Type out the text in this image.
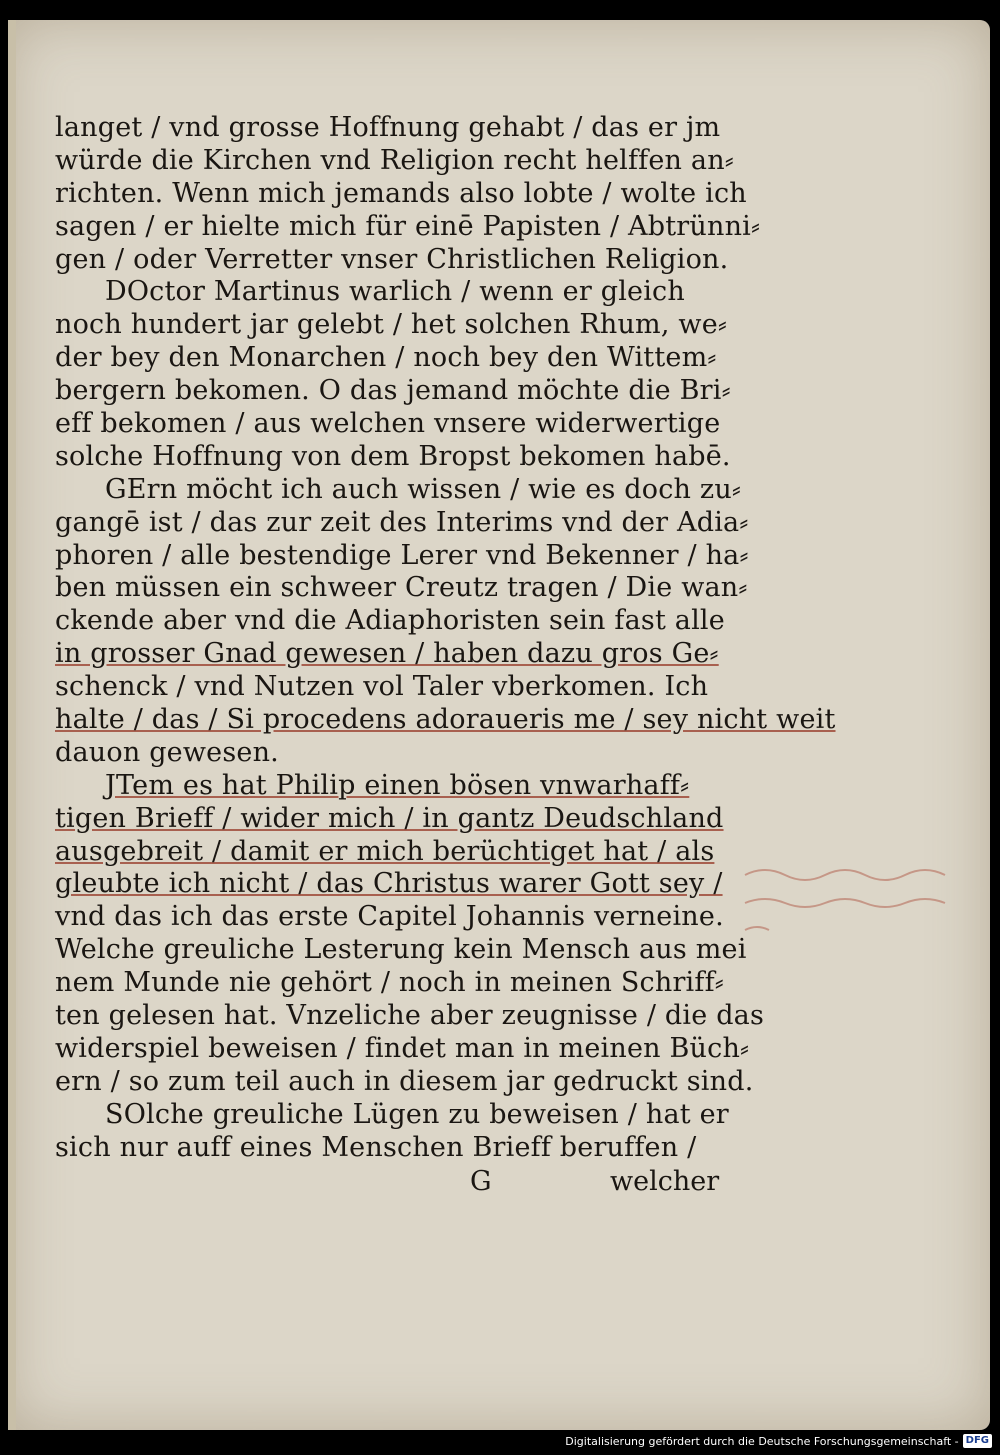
langet / vnd grosse Hoffnung gehabt / das er jm
würde die Kirchen vnd Religion recht helffen an⸗
richten. Wenn mich jemands also lobte / wolte ich
sagen / er hielte mich für einē Papisten / Abtrünni⸗
gen / oder Verretter vnser Christlichen Religion.
DOctor Martinus warlich / wenn er gleich
noch hundert jar gelebt / het solchen Rhum, we⸗
der bey den Monarchen / noch bey den Wittem⸗
bergern bekomen. O das jemand möchte die Bri⸗
eff bekomen / aus welchen vnsere widerwertige
solche Hoffnung von dem Bropst bekomen habē.
GErn möcht ich auch wissen / wie es doch zu⸗
gangē ist / das zur zeit des Interims vnd der Adia⸗
phoren / alle bestendige Lerer vnd Bekenner / ha⸗
ben müssen ein schweer Creutz tragen / Die wan⸗
ckende aber vnd die Adiaphoristen sein fast alle
in grosser Gnad gewesen / haben dazu gros Ge⸗
schenck / vnd Nutzen vol Taler vberkomen. Ich
halte / das / Si procedens adoraueris me / sey nicht weit
dauon gewesen.
JTem es hat Philip einen bösen vnwarhaff⸗
tigen Brieff / wider mich / in gantz Deudschland
ausgebreit / damit er mich berüchtiget hat / als
gleubte ich nicht / das Christus warer Gott sey /
vnd das ich das erste Capitel Johannis verneine.
Welche greuliche Lesterung kein Mensch aus mei
nem Munde nie gehört / noch in meinen Schriff⸗
ten gelesen hat. Vnzeliche aber zeugnisse / die das
widerspiel beweisen / findet man in meinen Büch⸗
ern / so zum teil auch in diesem jar gedruckt sind.
SOlche greuliche Lügen zu beweisen / hat er
sich nur auff eines Menschen Brieff beruffen /
G	welcher
Digitalisierung gefördert durch die Deutsche Forschungsgemeinschaft - DFG
